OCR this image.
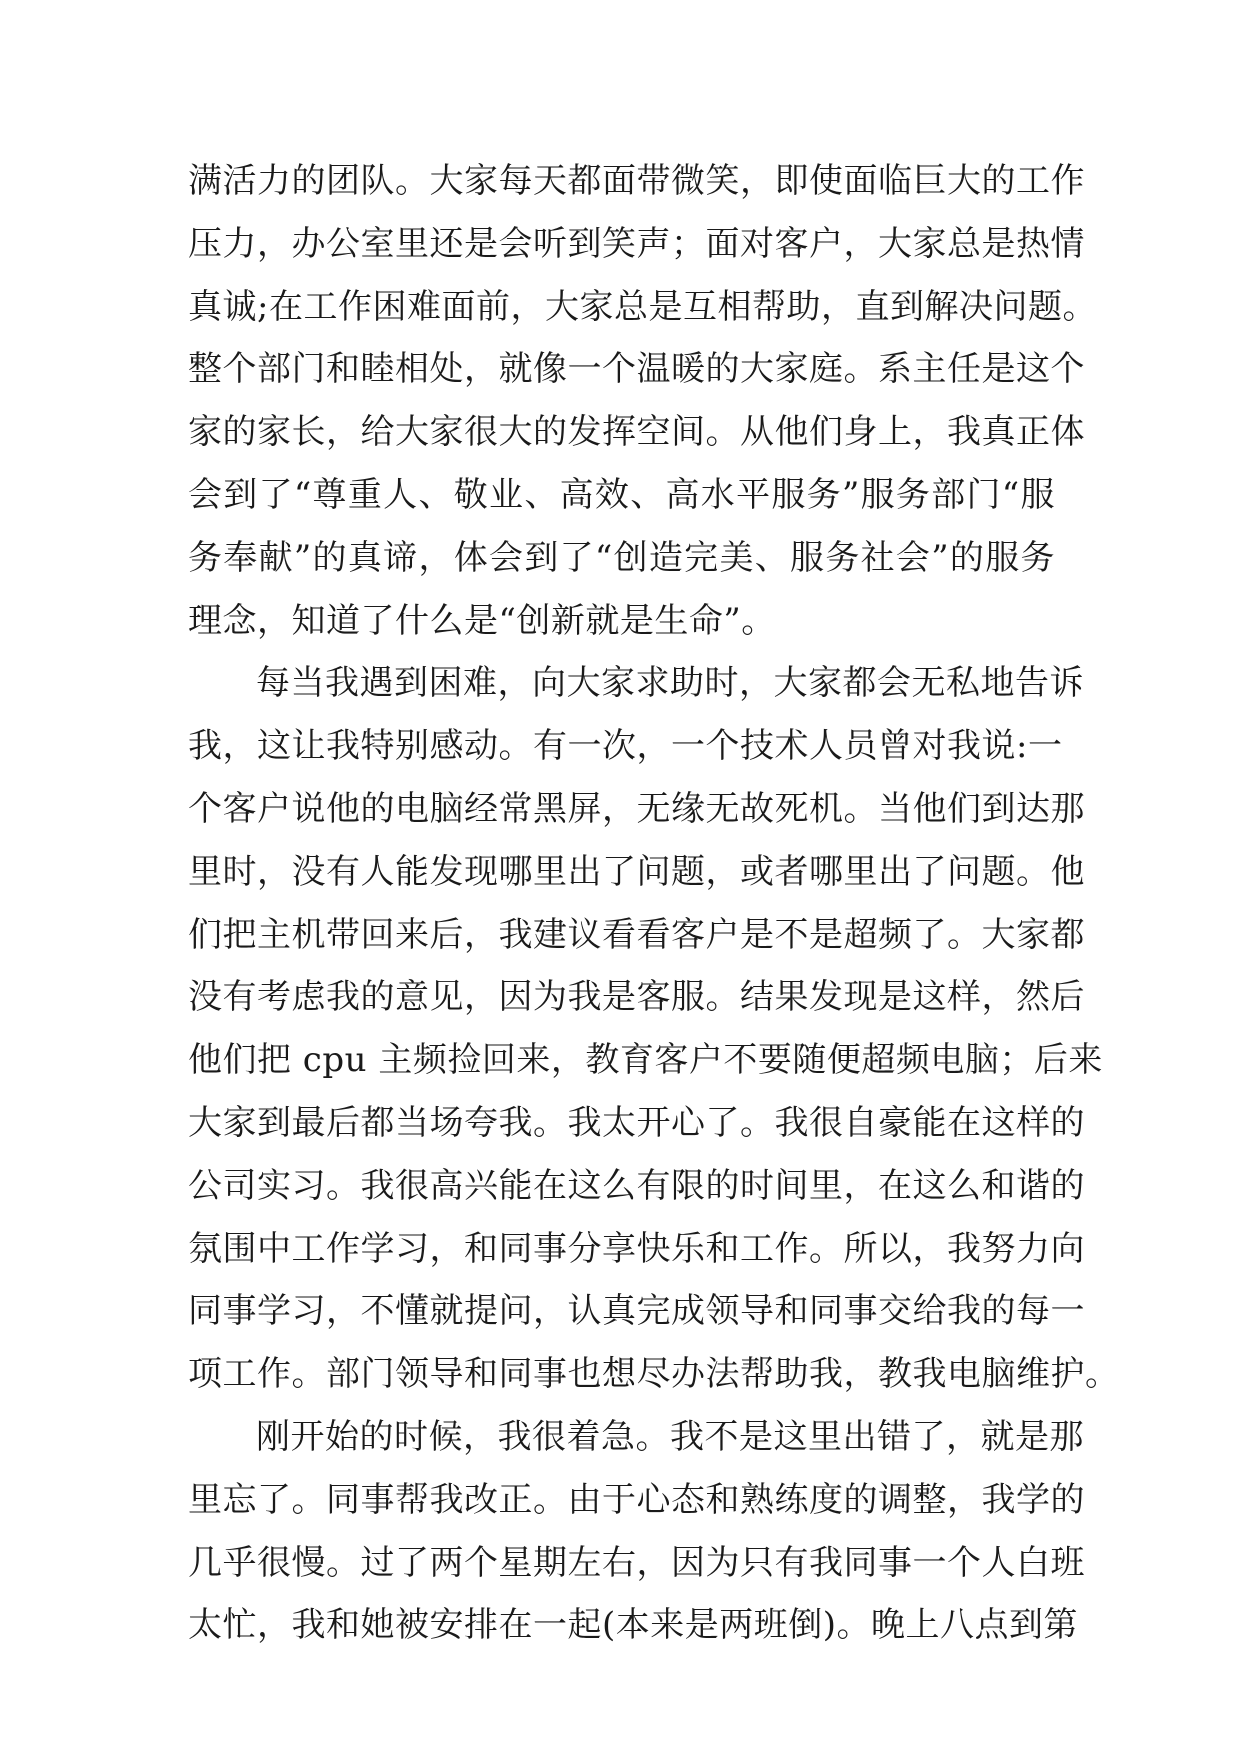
满活力的团队。大家每天都面带微笑，即使面临巨大的工作
压力，办公室里还是会听到笑声；面对客户，大家总是热情
真诚;在工作困难面前，大家总是互相帮助，直到解决问题。
整个部门和睦相处，就像一个温暖的大家庭。系主任是这个
家的家长，给大家很大的发挥空间。从他们身上，我真正体
会到了“尊重人、敬业、高效、高水平服务”服务部门“服
务奉献”的真谛，体会到了“创造完美、服务社会”的服务
理念，知道了什么是“创新就是生命”。
每当我遇到困难，向大家求助时，大家都会无私地告诉
我，这让我特别感动。有一次，一个技术人员曾对我说:一
个客户说他的电脑经常黑屏，无缘无故死机。当他们到达那
里时，没有人能发现哪里出了问题，或者哪里出了问题。他
们把主机带回来后，我建议看看客户是不是超频了。大家都
没有考虑我的意见，因为我是客服。结果发现是这样，然后
他们把 cpu 主频捡回来，教育客户不要随便超频电脑；后来
大家到最后都当场夸我。我太开心了。我很自豪能在这样的
公司实习。我很高兴能在这么有限的时间里，在这么和谐的
氛围中工作学习，和同事分享快乐和工作。所以，我努力向
同事学习，不懂就提问，认真完成领导和同事交给我的每一
项工作。部门领导和同事也想尽办法帮助我，教我电脑维护。
刚开始的时候，我很着急。我不是这里出错了，就是那
里忘了。同事帮我改正。由于心态和熟练度的调整，我学的
几乎很慢。过了两个星期左右，因为只有我同事一个人白班
太忙，我和她被安排在一起(本来是两班倒)。晚上八点到第
